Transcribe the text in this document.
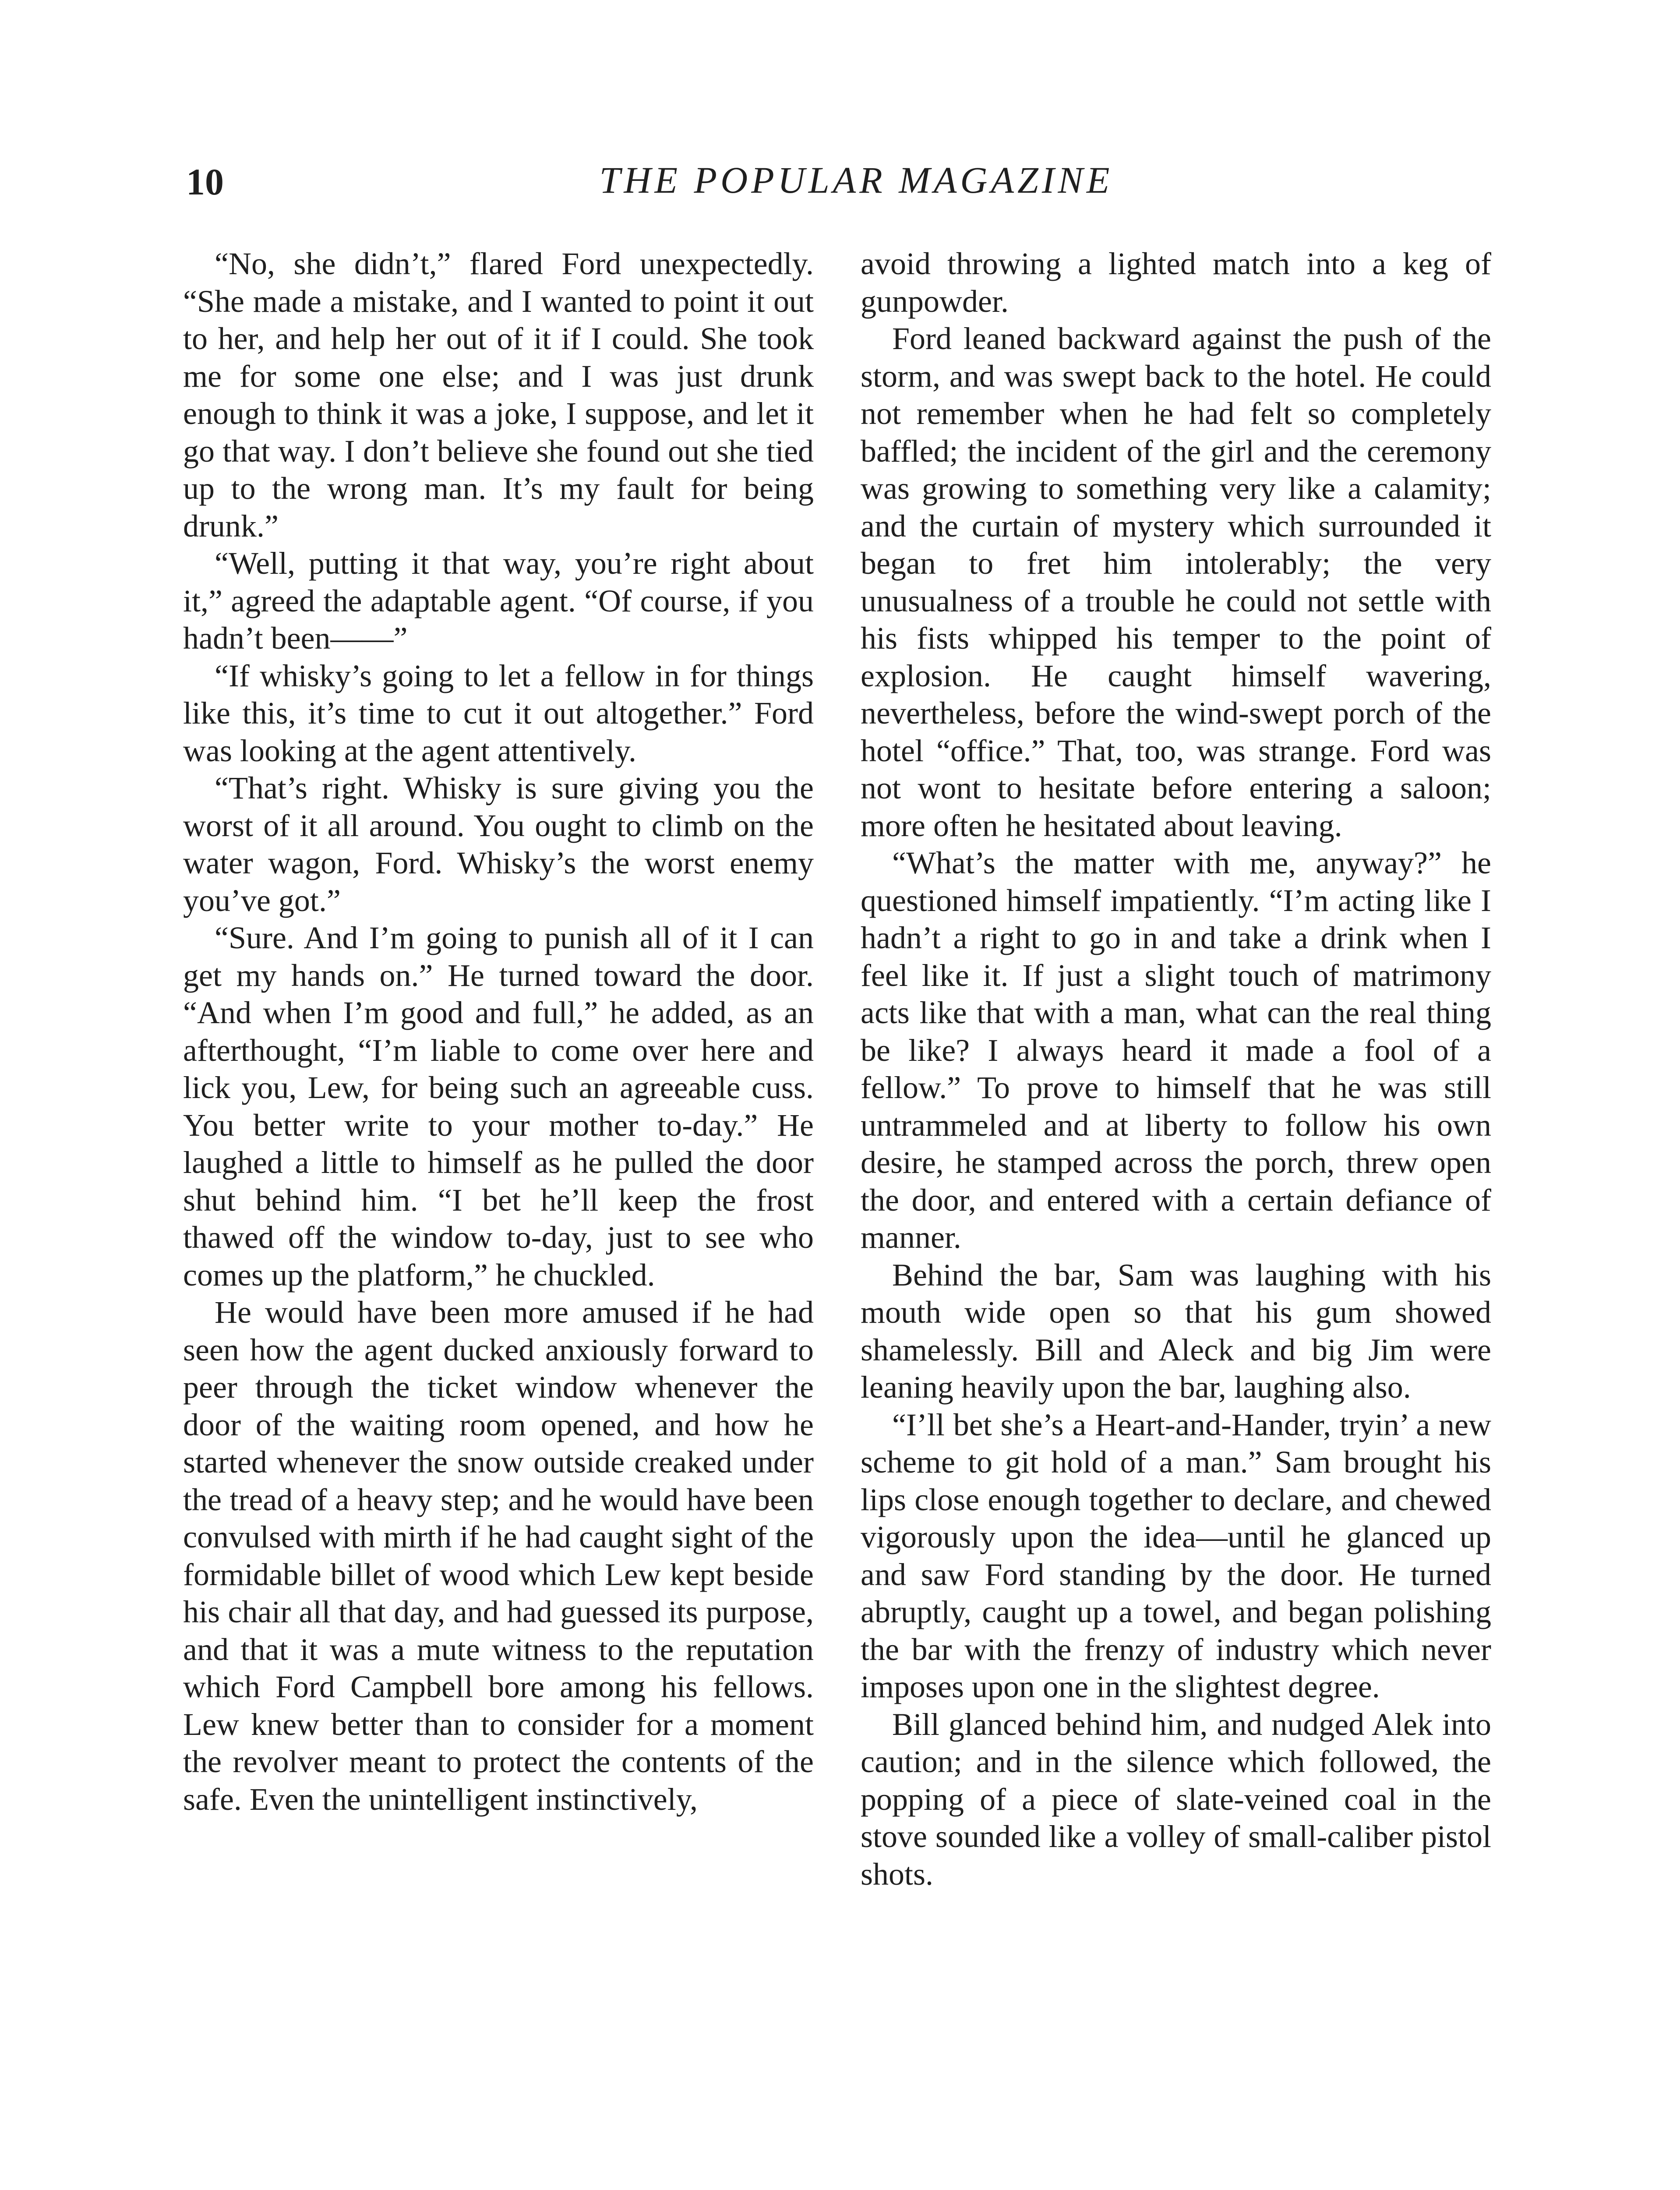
10	THE POPULAR MAGAZINE

“No, she didn’t,” flared Ford unexpectedly. “She made a mistake, and I wanted to point it out to her, and help her out of it if I could. She took me for some one else; and I was just drunk enough to think it was a joke, I suppose, and let it go that way. I don’t believe she found out she tied up to the wrong man. It’s my fault for being drunk.”

“Well, putting it that way, you’re right about it,” agreed the adaptable agent. “Of course, if you hadn’t been——”

“If whisky’s going to let a fellow in for things like this, it’s time to cut it out altogether.” Ford was looking at the agent attentively.

“That’s right. Whisky is sure giving you the worst of it all around. You ought to climb on the water wagon, Ford. Whisky’s the worst enemy you’ve got.”

“Sure. And I’m going to punish all of it I can get my hands on.” He turned toward the door. “And when I’m good and full,” he added, as an afterthought, “I’m liable to come over here and lick you, Lew, for being such an agreeable cuss. You better write to your mother to-day.” He laughed a little to himself as he pulled the door shut behind him. “I bet he’ll keep the frost thawed off the window to-day, just to see who comes up the platform,” he chuckled.

He would have been more amused if he had seen how the agent ducked anxiously forward to peer through the ticket window whenever the door of the waiting room opened, and how he started whenever the snow outside creaked under the tread of a heavy step; and he would have been convulsed with mirth if he had caught sight of the formidable billet of wood which Lew kept beside his chair all that day, and had guessed its purpose, and that it was a mute witness to the reputation which Ford Campbell bore among his fellows. Lew knew better than to consider for a moment the revolver meant to protect the contents of the safe. Even the unintelligent instinctively,

avoid throwing a lighted match into a keg of gunpowder.

Ford leaned backward against the push of the storm, and was swept back to the hotel. He could not remember when he had felt so completely baffled; the incident of the girl and the ceremony was growing to something very like a calamity; and the curtain of mystery which surrounded it began to fret him intolerably; the very unusualness of a trouble he could not settle with his fists whipped his temper to the point of explosion. He caught himself wavering, nevertheless, before the wind-swept porch of the hotel “office.” That, too, was strange. Ford was not wont to hesitate before entering a saloon; more often he hesitated about leaving.

“What’s the matter with me, anyway?” he questioned himself impatiently. “I’m acting like I hadn’t a right to go in and take a drink when I feel like it. If just a slight touch of matrimony acts like that with a man, what can the real thing be like? I always heard it made a fool of a fellow.” To prove to himself that he was still untrammeled and at liberty to follow his own desire, he stamped across the porch, threw open the door, and entered with a certain defiance of manner.

Behind the bar, Sam was laughing with his mouth wide open so that his gum showed shamelessly. Bill and Aleck and big Jim were leaning heavily upon the bar, laughing also.

“I’ll bet she’s a Heart-and-Hander, tryin’ a new scheme to git hold of a man.” Sam brought his lips close enough together to declare, and chewed vigorously upon the idea—until he glanced up and saw Ford standing by the door. He turned abruptly, caught up a towel, and began polishing the bar with the frenzy of industry which never imposes upon one in the slightest degree.

Bill glanced behind him, and nudged Alek into caution; and in the silence which followed, the popping of a piece of slate-veined coal in the stove sounded like a volley of small-caliber pistol shots.
